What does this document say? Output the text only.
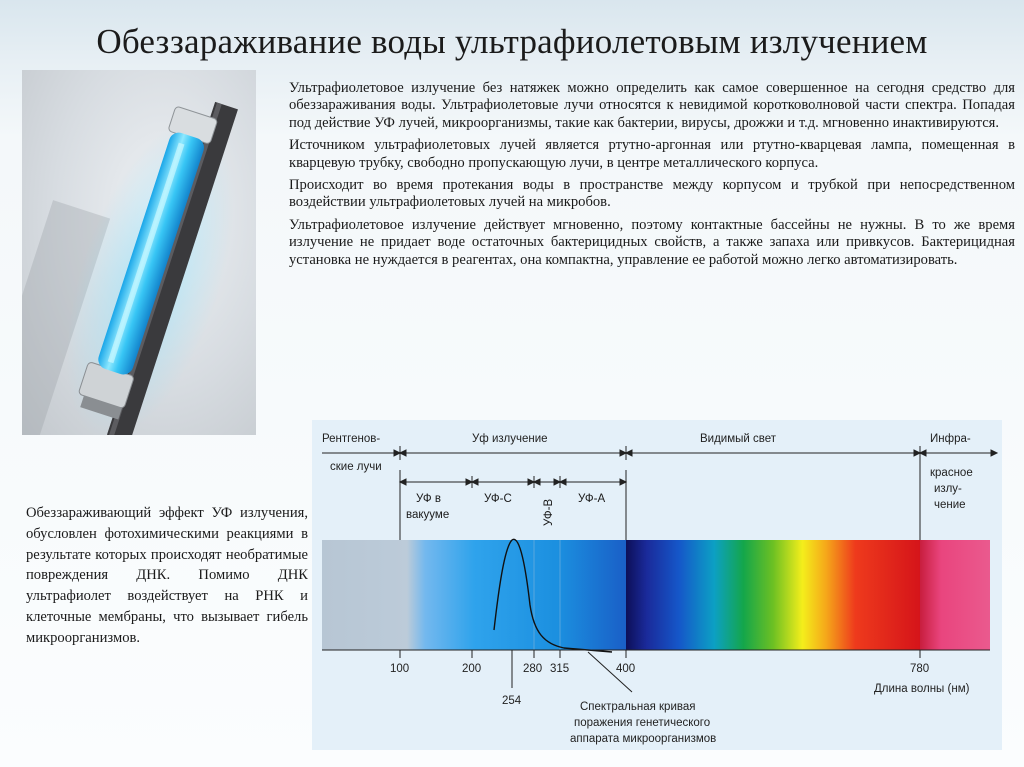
Обеззараживание воды ультрафиолетовым излучением

Ультрафиолетовое излучение без натяжек можно определить как самое совершенное на сегодня средство для обеззараживания воды. Ультрафиолетовые лучи относятся к невидимой коротковолновой части спектра. Попадая под действие УФ лучей, микроорганизмы, такие как бактерии, вирусы, дрожжи и т.д. мгновенно инактивируются.

Источником ультрафиолетовых лучей является ртутно-аргонная или ртутно-кварцевая лампа, помещенная в кварцевую трубку, свободно пропускающую лучи, в центре металлического корпуса.

Происходит во время протекания воды в пространстве между корпусом и трубкой при непосредственном воздействии ультрафиолетовых лучей на микробов.

Ультрафиолетовое излучение действует мгновенно, поэтому контактные бассейны не нужны. В то же время излучение не придает воде остаточных бактерицидных свойств, а также запаха или привкусов. Бактерицидная установка не нуждается в реагентах, она компактна, управление ее работой можно легко автоматизировать.

Обеззараживающий эффект УФ излучения, обусловлен фотохимическими реакциями в результате которых происходят необратимые повреждения ДНК. Помимо ДНК ультрафиолет воздействует на РНК и клеточные мембраны, что вызывает гибель микроорганизмов.
Рентгенов-
ские лучи
Уф излучение	Видимый свет	Инфра-
красное
излу-
чение
УФ в
вакууме
УФ-С	УФ-В УФ-А
100	200	280 315	400	780
254
Длина волны (нм)
Спектральная кривая
поражения генетического
аппарата микроорганизмов
